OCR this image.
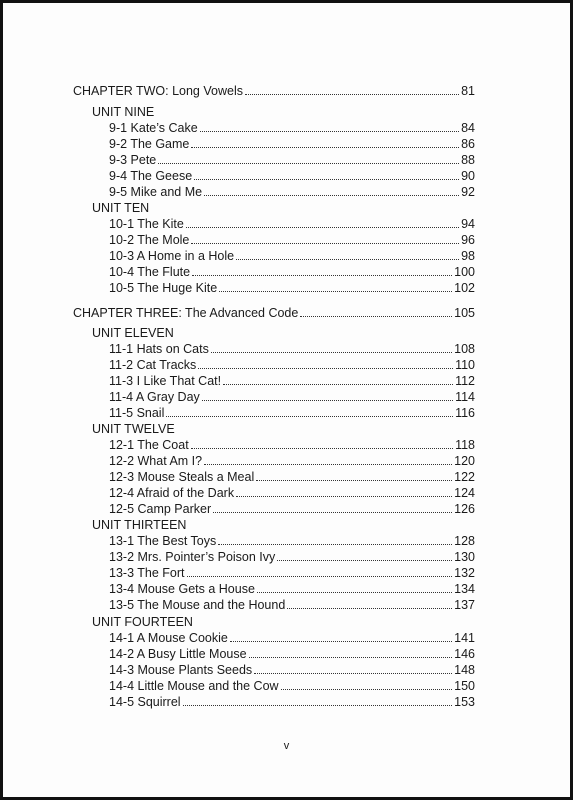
CHAPTER TWO: Long Vowels	81
UNIT NINE
9-1 Kate’s Cake	84
9-2 The Game	86
9-3 Pete	88
9-4 The Geese	90
9-5 Mike and Me	92
UNIT TEN
10-1 The Kite	94
10-2 The Mole	96
10-3 A Home in a Hole	98
10-4 The Flute	100
10-5 The Huge Kite	102
CHAPTER THREE: The Advanced Code	105
UNIT ELEVEN
11-1 Hats on Cats	108
11-2 Cat Tracks	110
11-3 I Like That Cat!	112
11-4 A Gray Day	114
11-5 Snail	116
UNIT TWELVE
12-1 The Coat	118
12-2 What Am I?	120
12-3 Mouse Steals a Meal	122
12-4 Afraid of the Dark	124
12-5 Camp Parker	126
UNIT THIRTEEN
13-1 The Best Toys	128
13-2 Mrs. Pointer’s Poison Ivy	130
13-3 The Fort	132
13-4 Mouse Gets a House	134
13-5 The Mouse and the Hound	137
UNIT FOURTEEN
14-1 A Mouse Cookie	141
14-2 A Busy Little Mouse	146
14-3 Mouse Plants Seeds	148
14-4 Little Mouse and the Cow	150
14-5 Squirrel	153
v
